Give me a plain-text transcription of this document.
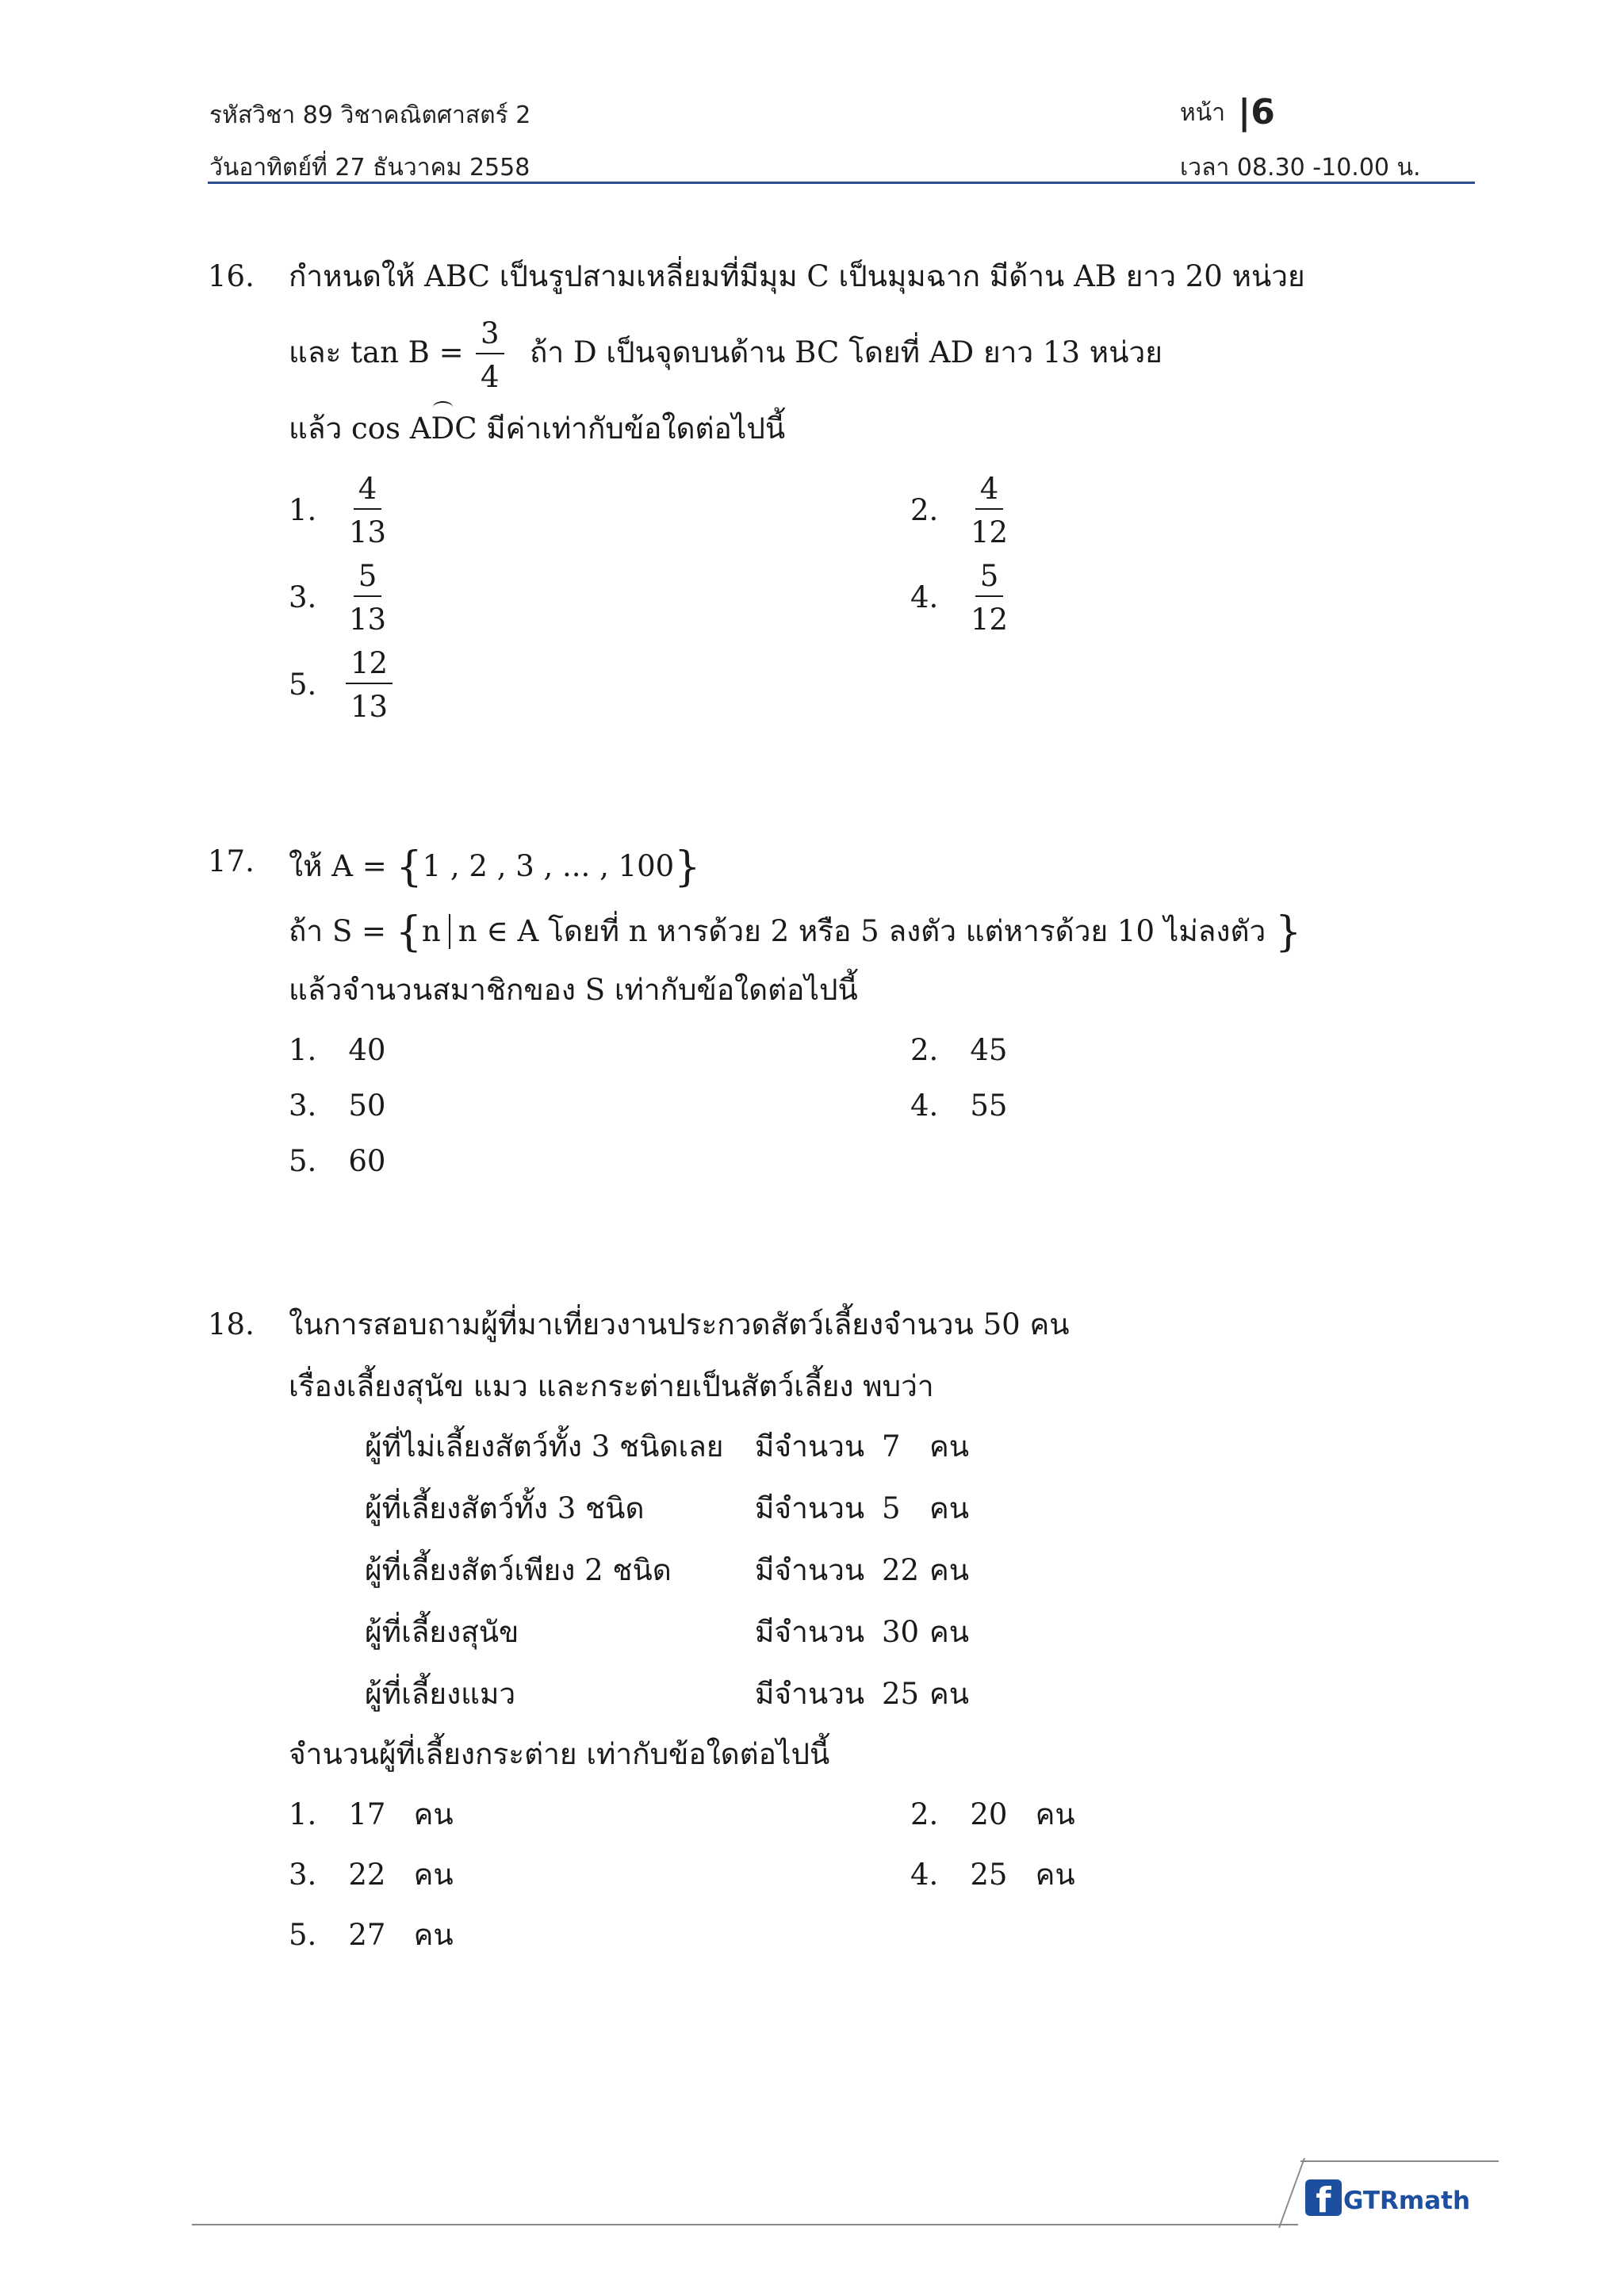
รหัสวิชา 89 วิชาคณิตศาสตร์ 2
วันอาทิตย์ที่ 27 ธันวาคม 2558
หน้า |6
เวลา 08.30 -10.00 น.
16. กำหนดให้ ABC เป็นรูปสามเหลี่ยมที่มีมุม C เป็นมุมฉาก มีด้าน AB ยาว 20 หน่วย
และ $\tan B = \frac{3}{4}$ ถ้า D เป็นจุดบนด้าน BC โดยที่ AD ยาว 13 หน่วย
แล้ว cos ADC มีค่าเท่ากับข้อใดต่อไปนี้
1. $\frac{4}{13}$	2. $\frac{4}{12}$
3. $\frac{5}{13}$	4. $\frac{5}{12}$
5. $\frac{12}{13}$
17. ให้ A = {1 , 2 , 3 , ... , 100}
ถ้า S = {n n ∈ A โดยที่ n หารด้วย 2 หรือ 5 ลงตัว แต่หารด้วย 10 ไม่ลงตัว }
แล้วจำนวนสมาชิกของ S เท่ากับข้อใดต่อไปนี้
1. 40	2. 45
3. 50	4. 55
5. 60
18. ในการสอบถามผู้ที่มาเที่ยวงานประกวดสัตว์เลี้ยงจำนวน 50 คน
เรื่องเลี้ยงสุนัข แมว และกระต่ายเป็นสัตว์เลี้ยง พบว่า
ผู้ที่ไม่เลี้ยงสัตว์ทั้ง 3 ชนิดเลย มีจำนวน 7 คน
ผู้ที่เลี้ยงสัตว์ทั้ง 3 ชนิด	มีจำนวน 5 คน
ผู้ที่เลี้ยงสัตว์เพียง 2 ชนิด	มีจำนวน 22 คน
ผู้ที่เลี้ยงสุนัข	มีจำนวน 30 คน
ผู้ที่เลี้ยงแมว	มีจำนวน 25 คน
จำนวนผู้ที่เลี้ยงกระต่าย เท่ากับข้อใดต่อไปนี้
1. 17   คน	2. 20   คน
3. 22   คน	4. 25   คน
5. 27   คน
f GTRmath
